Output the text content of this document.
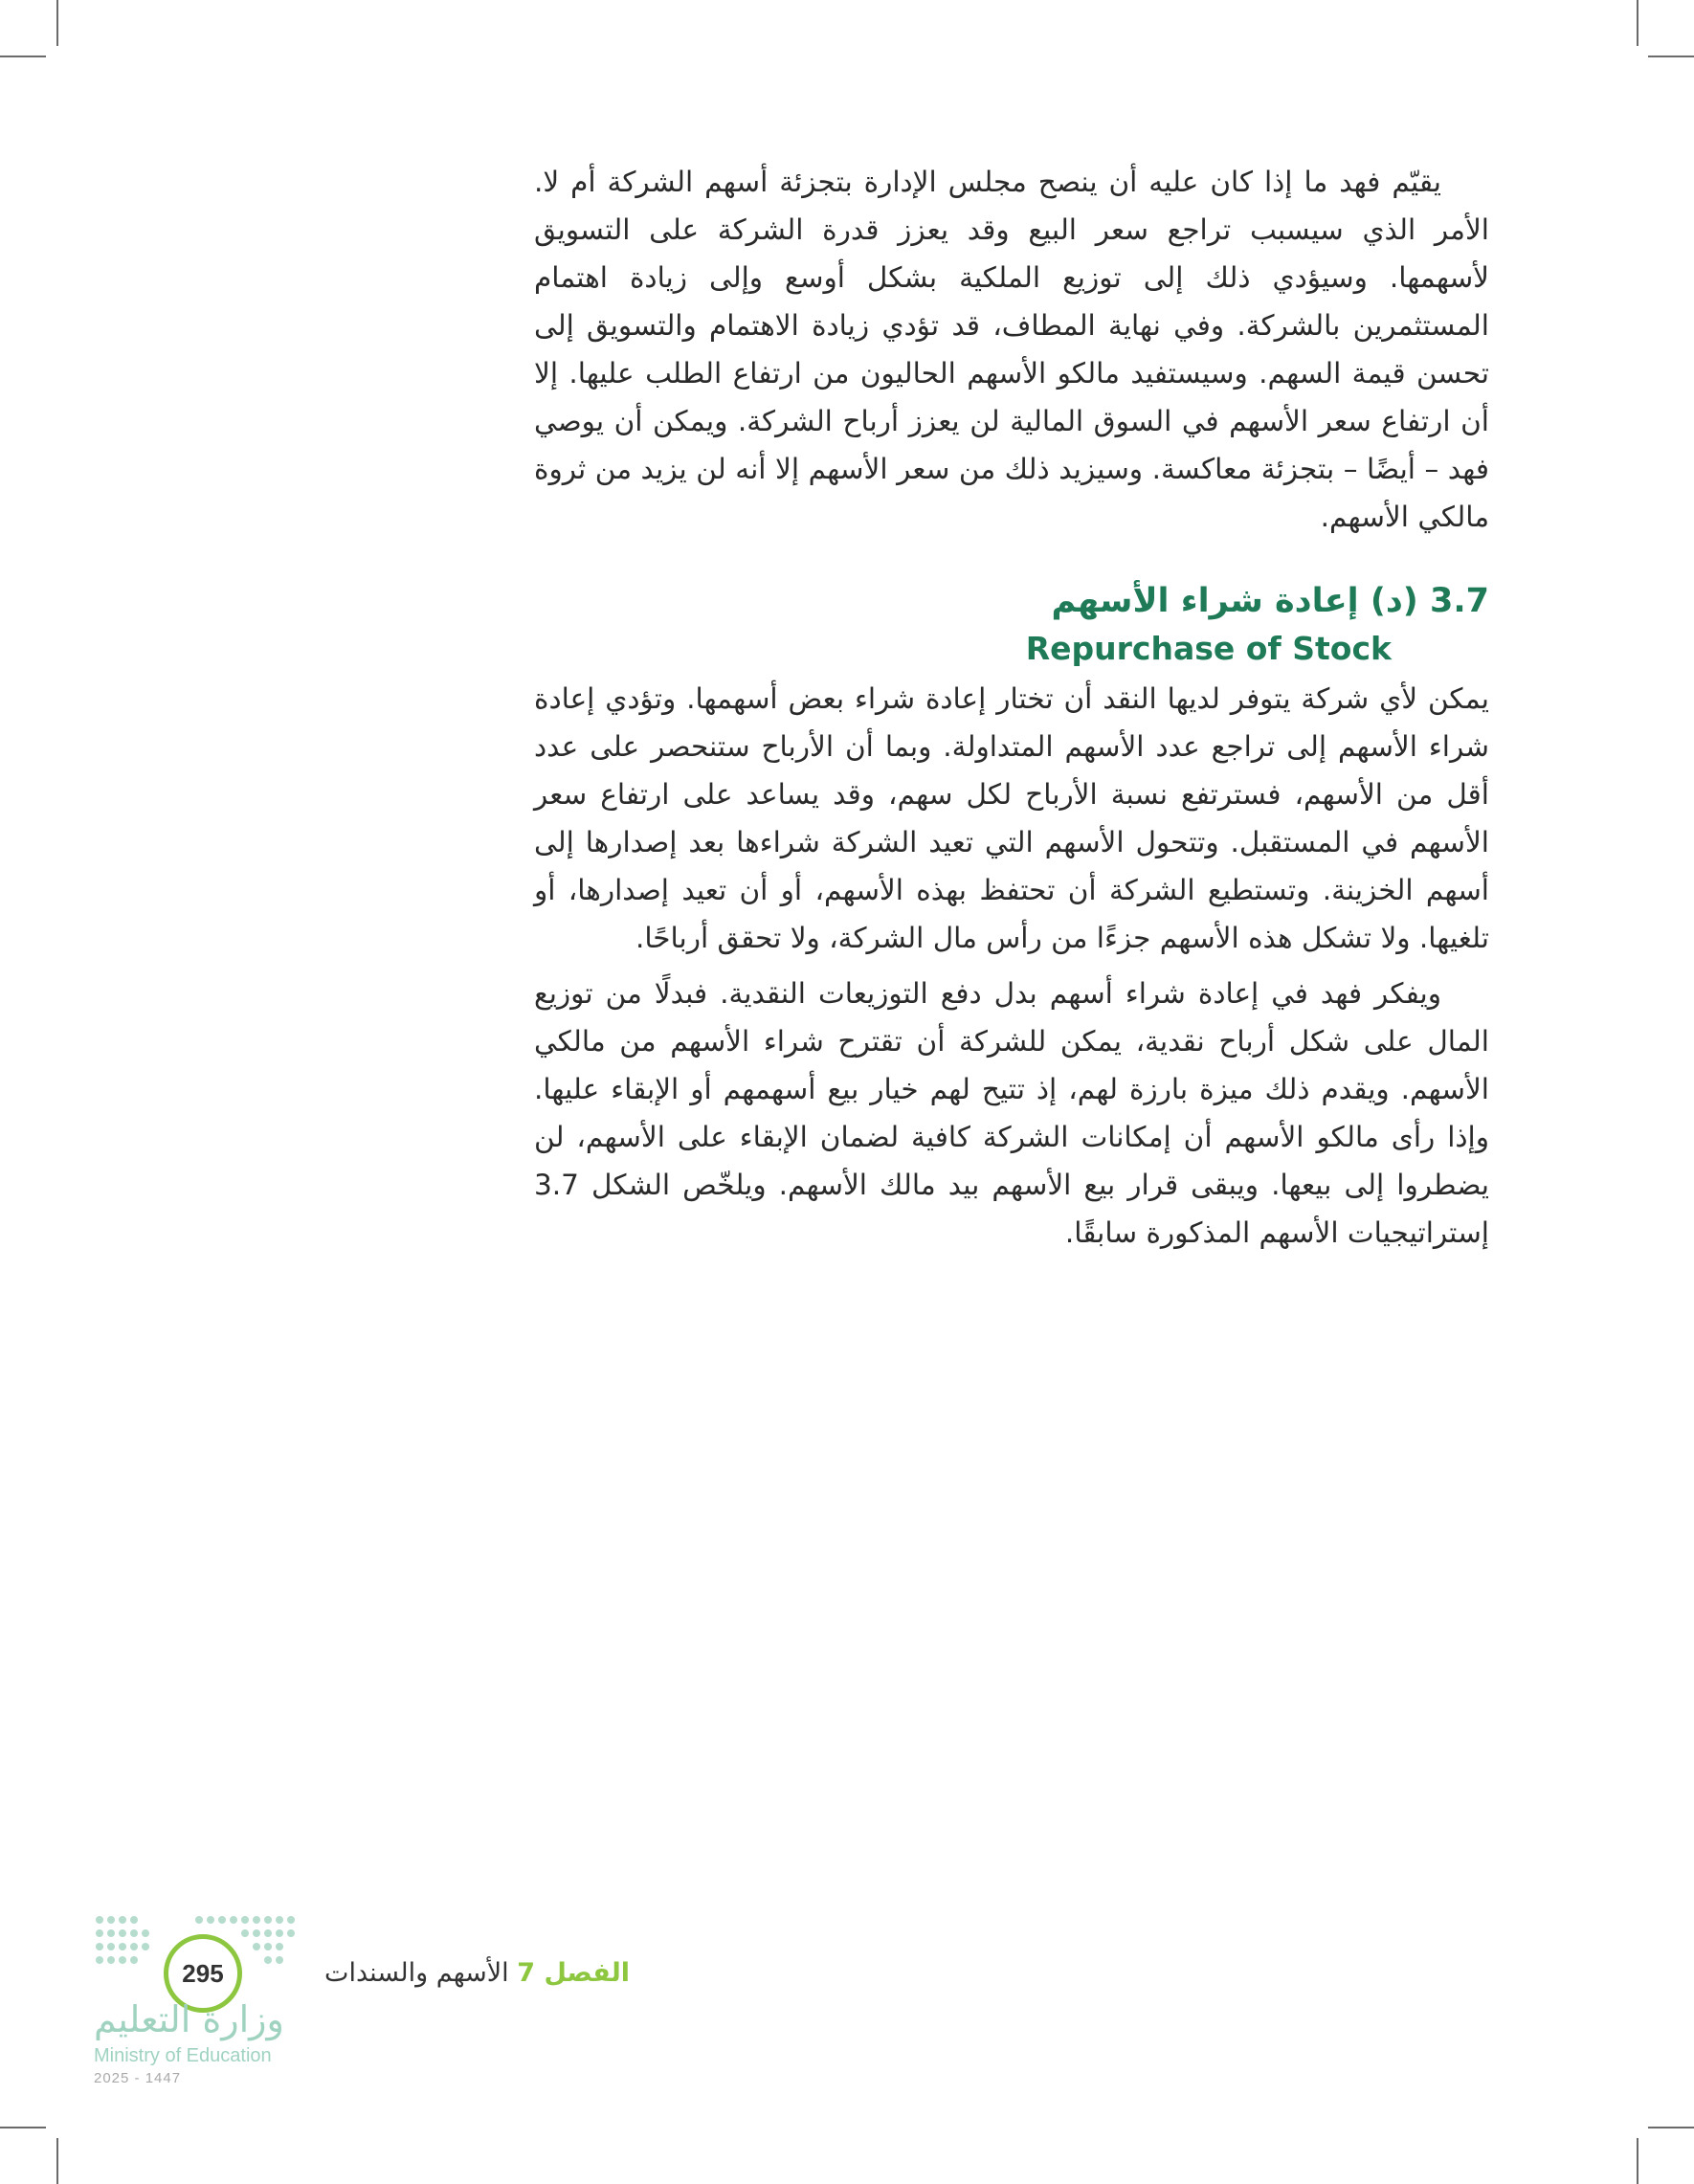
يقيّم فهد ما إذا كان عليه أن ينصح مجلس الإدارة بتجزئة أسهم الشركة أم لا. الأمر الذي سيسبب تراجع سعر البيع وقد يعزز قدرة الشركة على التسويق لأسهمها. وسيؤدي ذلك إلى توزيع الملكية بشكل أوسع وإلى زيادة اهتمام المستثمرين بالشركة. وفي نهاية المطاف، قد تؤدي زيادة الاهتمام والتسويق إلى تحسن قيمة السهم. وسيستفيد مالكو الأسهم الحاليون من ارتفاع الطلب عليها. إلا أن ارتفاع سعر الأسهم في السوق المالية لن يعزز أرباح الشركة. ويمكن أن يوصي فهد – أيضًا – بتجزئة معاكسة. وسيزيد ذلك من سعر الأسهم إلا أنه لن يزيد من ثروة مالكي الأسهم.

3.7 (د) إعادة شراء الأسهم
Repurchase of Stock

يمكن لأي شركة يتوفر لديها النقد أن تختار إعادة شراء بعض أسهمها. وتؤدي إعادة شراء الأسهم إلى تراجع عدد الأسهم المتداولة. وبما أن الأرباح ستنحصر على عدد أقل من الأسهم، فسترتفع نسبة الأرباح لكل سهم، وقد يساعد على ارتفاع سعر الأسهم في المستقبل. وتتحول الأسهم التي تعيد الشركة شراءها بعد إصدارها إلى أسهم الخزينة. وتستطيع الشركة أن تحتفظ بهذه الأسهم، أو أن تعيد إصدارها، أو تلغيها. ولا تشكل هذه الأسهم جزءًا من رأس مال الشركة، ولا تحقق أرباحًا.

ويفكر فهد في إعادة شراء أسهم بدل دفع التوزيعات النقدية. فبدلًا من توزيع المال على شكل أرباح نقدية، يمكن للشركة أن تقترح شراء الأسهم من مالكي الأسهم. ويقدم ذلك ميزة بارزة لهم، إذ تتيح لهم خيار بيع أسهمهم أو الإبقاء عليها. وإذا رأى مالكو الأسهم أن إمكانات الشركة كافية لضمان الإبقاء على الأسهم، لن يضطروا إلى بيعها. ويبقى قرار بيع الأسهم بيد مالك الأسهم. ويلخّص الشكل 3.7 إستراتيجيات الأسهم المذكورة سابقًا.

295	الفصل 7 الأسهم والسندات
وزارة التعليم
Ministry of Education
2025 - 1447
